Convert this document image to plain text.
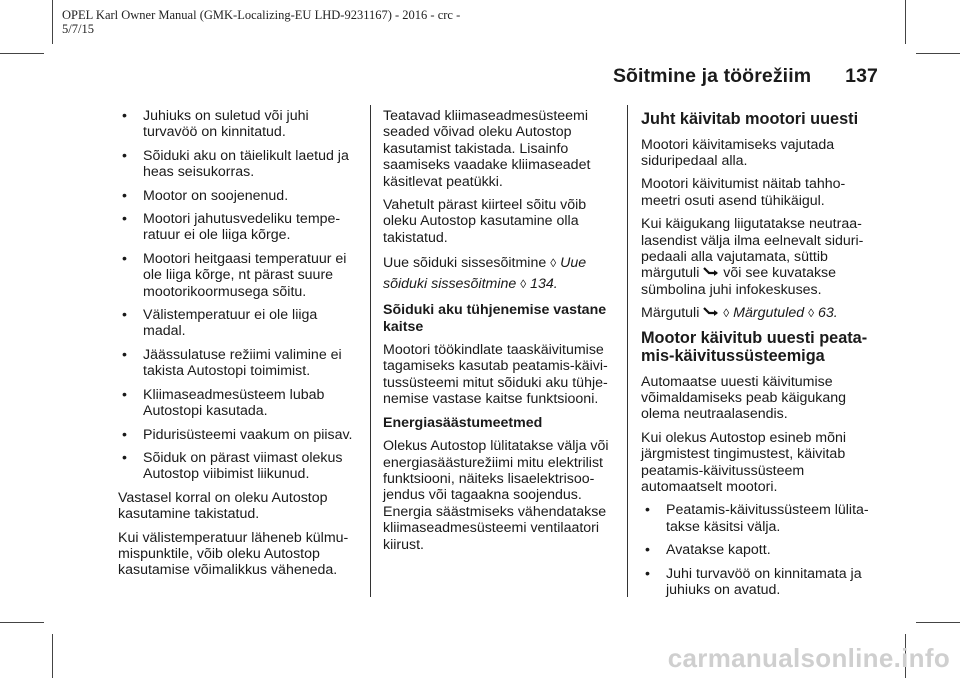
OPEL Karl Owner Manual (GMK-Localizing-EU LHD-9231167) - 2016 - crc -
5/7/15
Sõitmine ja töörežiim 137
• Juhiuks on suletud või juhi turvavöö on kinnitatud.
• Sõiduki aku on täielikult laetud ja heas seisukorras.
• Mootor on soojenenud.
• Mootori jahutusvedeliku tempe-ratuur ei ole liiga kõrge.
• Mootori heitgaasi temperatuur ei ole liiga kõrge, nt pärast suure mootorikoormusega sõitu.
• Välistemperatuur ei ole liiga madal.
• Jäässulatuse režiimi valimine ei takista Autostopi toimimist.
• Kliimaseadmesüsteem lubab Autostopi kasutada.
• Pidurisüsteemi vaakum on piisav.
• Sõiduk on pärast viimast olekus Autostop viibimist liikunud.

Vastasel korral on oleku Autostop kasutamine takistatud.

Kui välistemperatuur läheneb külmu-mispunktile, võib oleku Autostop kasutamise võimalikkus väheneda.

Teatavad kliimaseadmesüsteemi seaded võivad oleku Autostop kasutamist takistada. Lisainfo saamiseks vaadake kliimaseadet käsitlevat peatükki.

Vahetult pärast kiirteel sõitu võib oleku Autostop kasutamine olla takistatud.

Uue sõiduki sissesõitmine ◊ Uue sõiduki sissesõitmine ◊ 134.

Sõiduki aku tühjenemise vastane kaitse

Mootori töökindlate taaskäivitumise tagamiseks kasutab peatamis-käivi-tussüsteemi mitut sõiduki aku tühje-nemise vastase kaitse funktsiooni.

Energiasäästumeetmed

Olekus Autostop lülitatakse välja või energiasäästurežiimi mitu elektrilist funktsiooni, näiteks lisaelektrisoo-jendus või tagaakna soojendus. Energia säästmiseks vähendatakse kliimaseadmesüsteemi ventilaatori kiirust.

Juht käivitab mootori uuesti

Mootori käivitamiseks vajutada siduripedaal alla.

Mootori käivitumist näitab tahho-meetri osuti asend tühikäigul.

Kui käigukang liigutatakse neutraa-lasendist välja ilma eelnevalt siduri-pedaali alla vajutamata, süttib märgutuli või see kuvatakse sümbolina juhi infokeskuses.

Märgutuli ◊ Märgutuled ◊ 63.

Mootor käivitub uuesti peata-mis-käivitussüsteemiga

Automaatse uuesti käivitumise võimaldamiseks peab käigukang olema neutraalasendis.

Kui olekus Autostop esineb mõni järgmistest tingimustest, käivitab peatamis-käivitussüsteem automaatselt mootori.

• Peatamis-käivitussüsteem lülita-takse käsitsi välja.
• Avatakse kapott.
• Juhi turvavöö on kinnitamata ja juhiuks on avatud.
carmanualsonline.info
